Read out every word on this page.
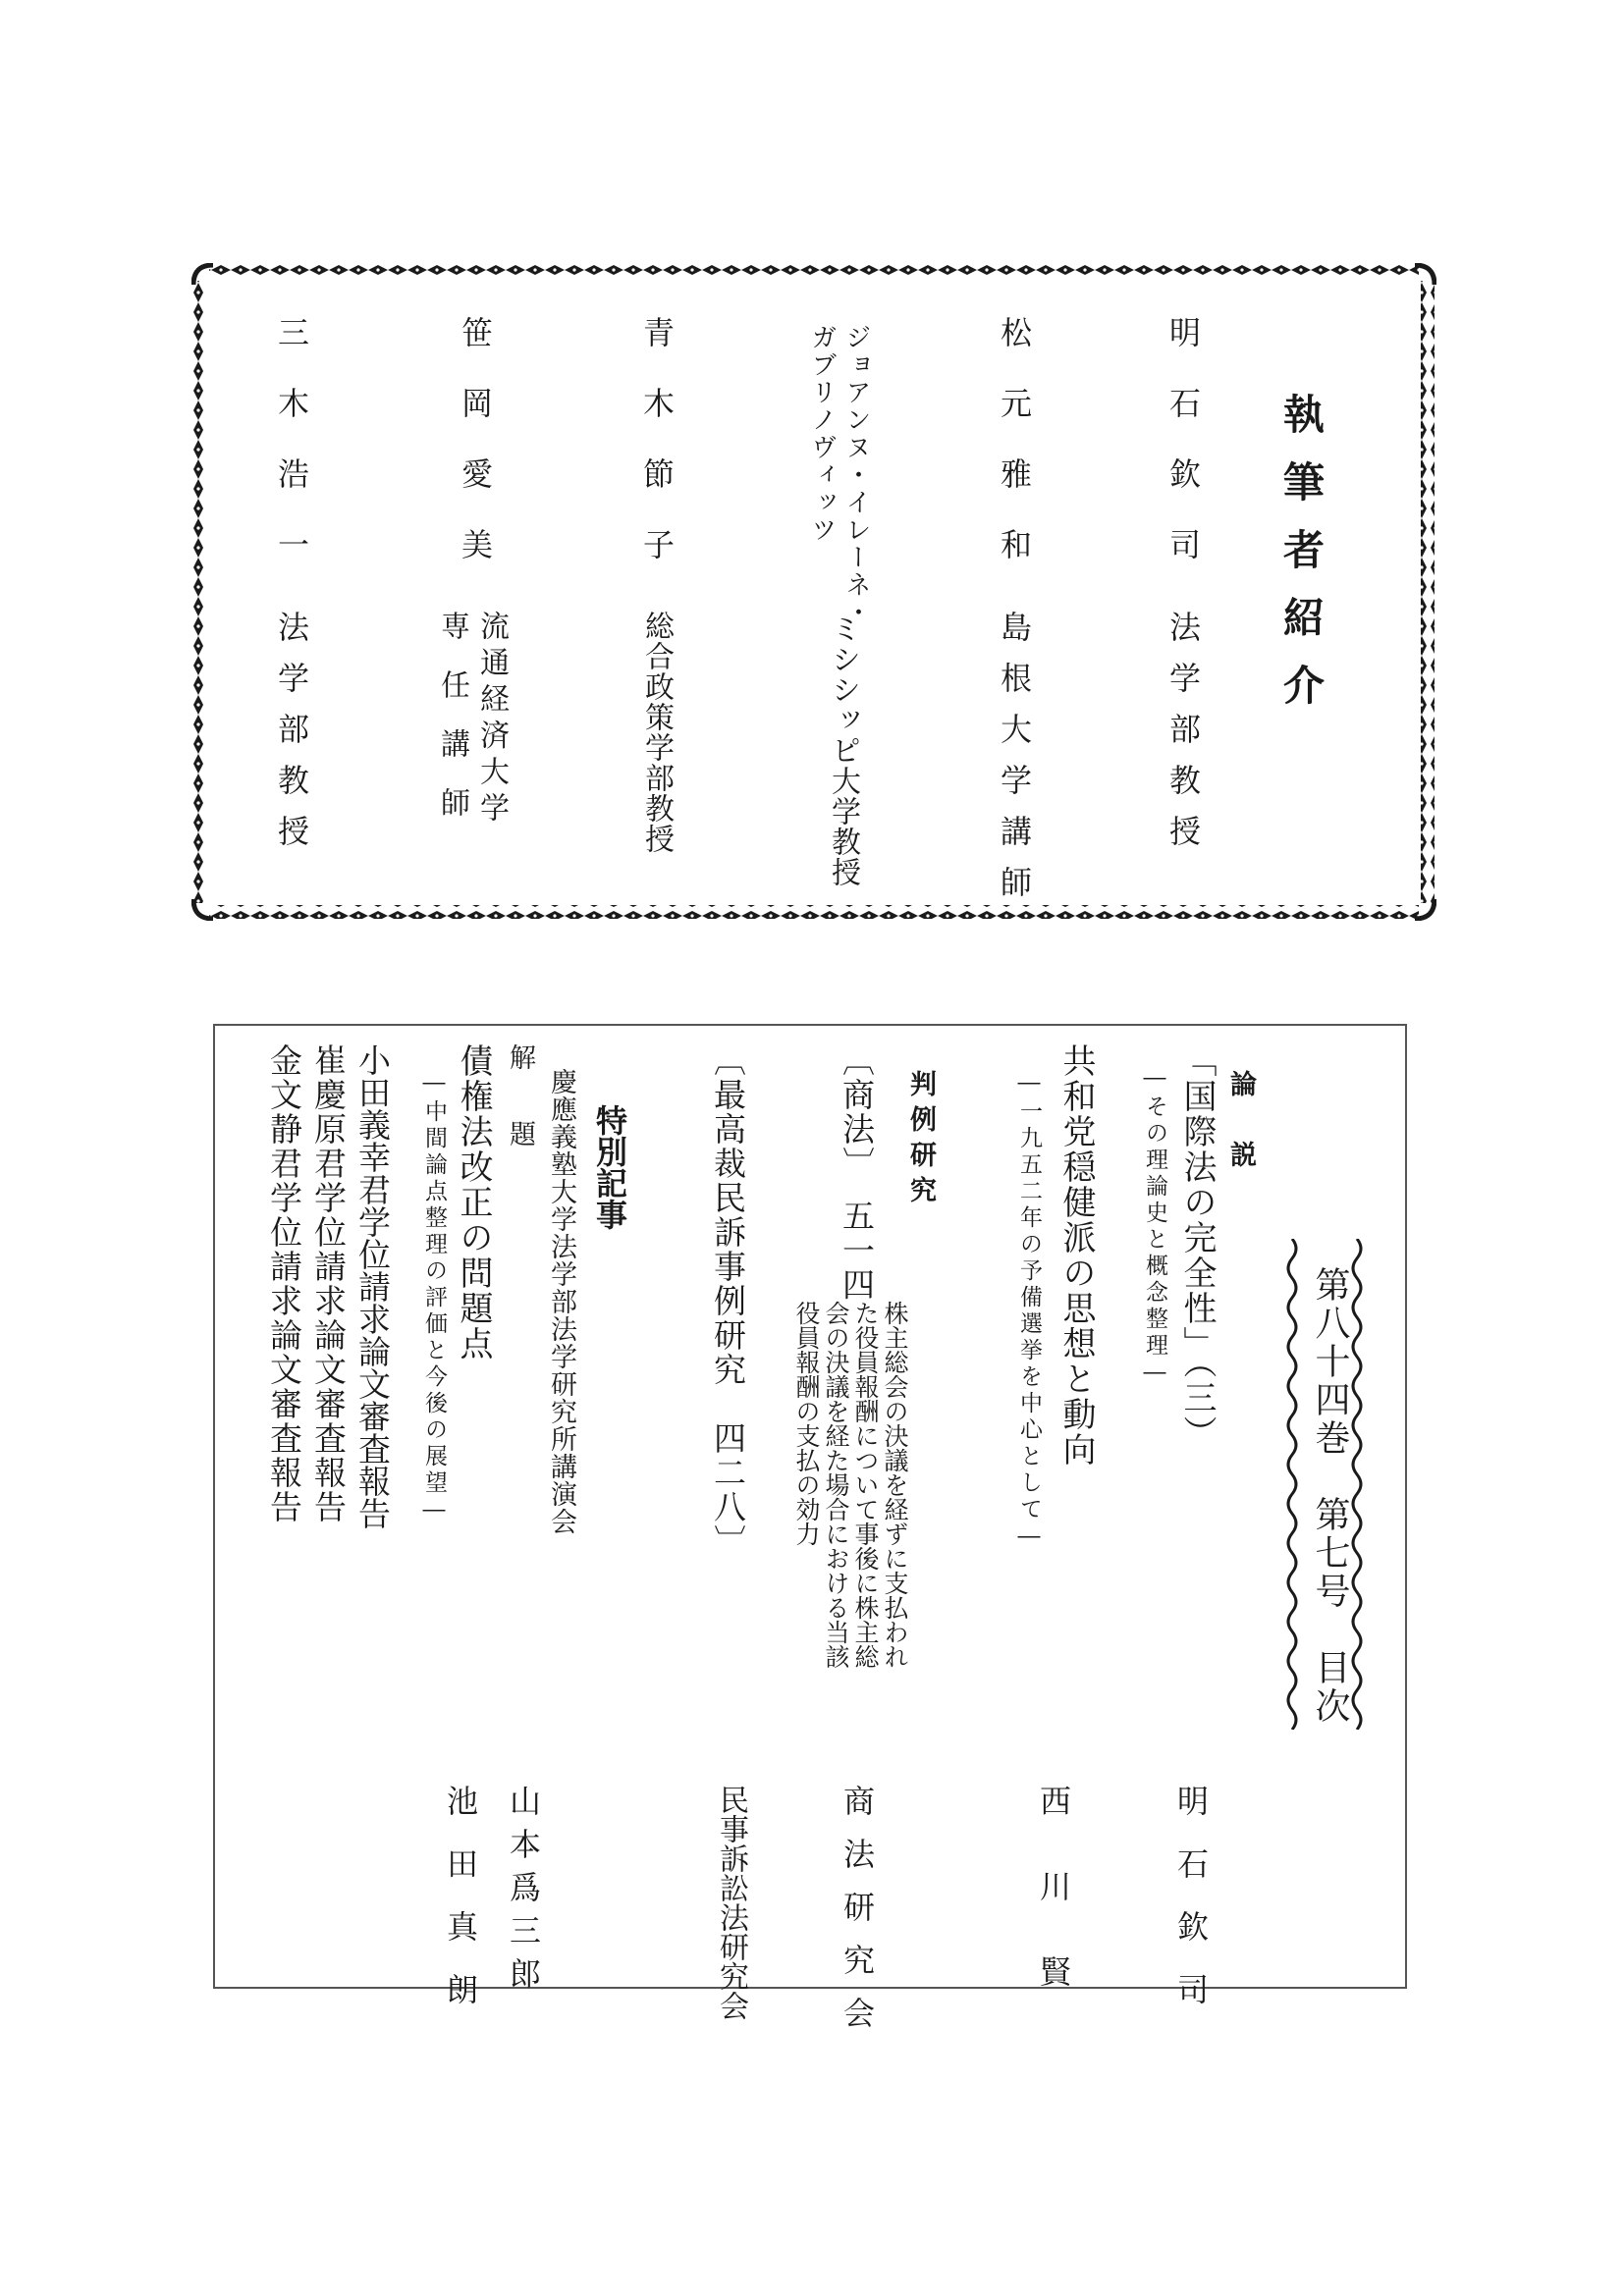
執筆者紹介

明石欽司

法学部教授

松元雅和

島根大学講師

ジョアンヌ・イレーネ・

ガブリノヴィッツ

ミシシッピ大学教授

青木節子

総合政策学部教授

笹岡愛美

流通経済大学

専任講師

三木浩一

法学部教授

第八十四巻　第七号　目次

論　説

「国際法の完全性」（三）

―その理論史と概念整理―

明石欽司

共和党穏健派の思想と動向

―一九五二年の予備選挙を中心として―

西川賢

判例研究

〔商法〕　五一四

株主総会の決議を経ずに支払われ

た役員報酬について事後に株主総

会の決議を経た場合における当該

役員報酬の支払の効力

商法研究会

〔最高裁民訴事例研究　四二八〕

民事訴訟法研究会

特別記事

慶應義塾大学法学部法学研究所講演会

解　題

山本爲三郎

債権法改正の問題点

―中間論点整理の評価と今後の展望―

池田真朗

小田義幸君学位請求論文審査報告

崔慶原君学位請求論文審査報告

金文静君学位請求論文審査報告
